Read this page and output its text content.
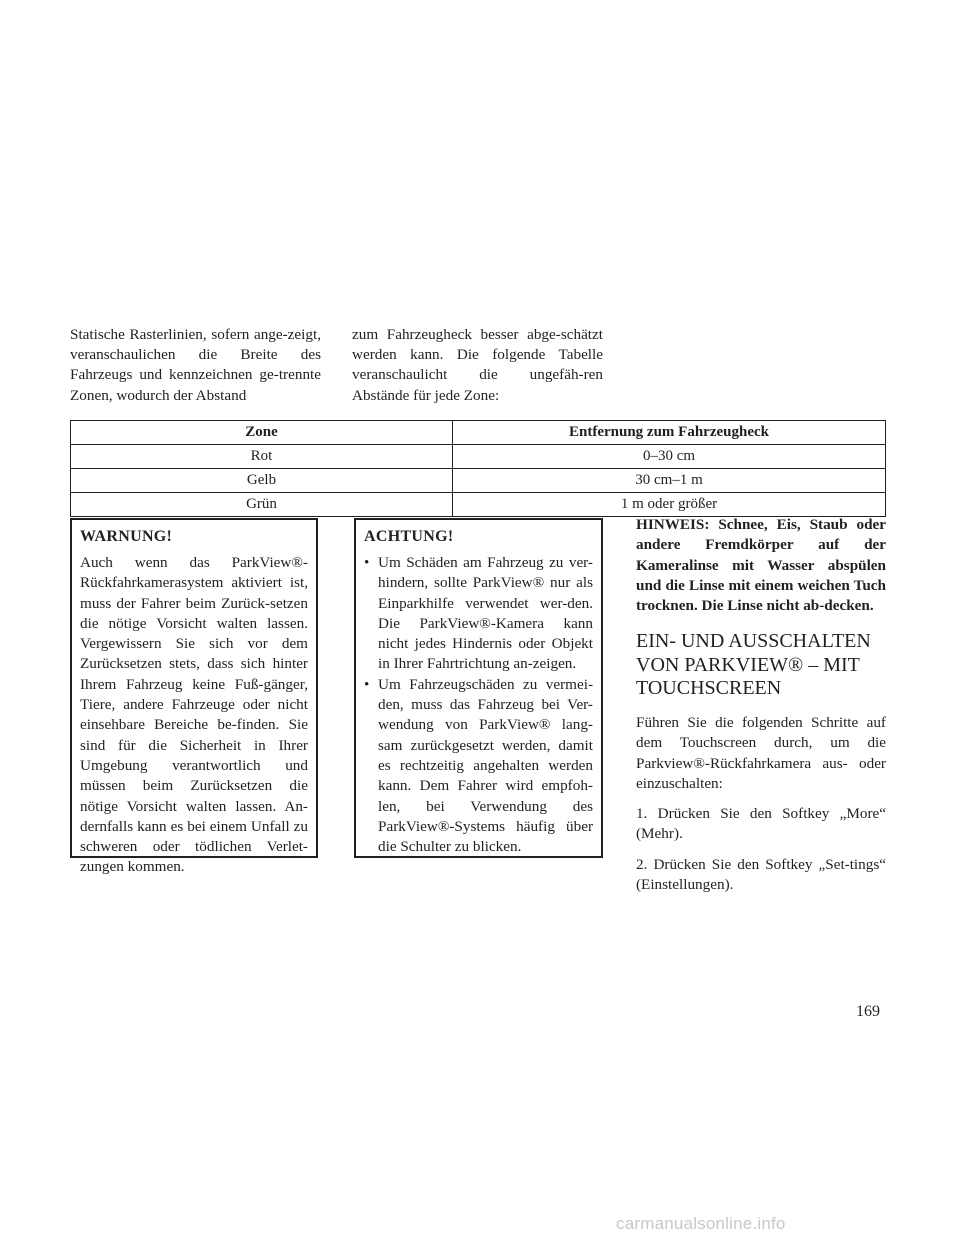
Statische Rasterlinien, sofern ange-zeigt, veranschaulichen die Breite des Fahrzeugs und kennzeichnen ge-trennte Zonen, wodurch der Abstand

zum Fahrzeugheck besser abge-schätzt werden kann. Die folgende Tabelle veranschaulicht die ungefäh-ren Abstände für jede Zone:

Zone	Entfernung zum Fahrzeugheck
Rot	0–30 cm
Gelb	30 cm–1 m
Grün	1 m oder größer
WARNUNG!

Auch wenn das ParkView®-Rückfahrkamerasystem aktiviert ist, muss der Fahrer beim Zurück-setzen die nötige Vorsicht walten lassen. Vergewissern Sie sich vor dem Zurücksetzen stets, dass sich hinter Ihrem Fahrzeug keine Fuß-gänger, Tiere, andere Fahrzeuge oder nicht einsehbare Bereiche be-finden. Sie sind für die Sicherheit in Ihrer Umgebung verantwortlich und müssen beim Zurücksetzen die nötige Vorsicht walten lassen. An-dernfalls kann es bei einem Unfall zu schweren oder tödlichen Verlet-zungen kommen.

ACHTUNG!
• Um Schäden am Fahrzeug zu ver-hindern, sollte ParkView® nur als Einparkhilfe verwendet wer-den. Die ParkView®-Kamera kann nicht jedes Hindernis oder Objekt in Ihrer Fahrtrichtung an-zeigen.
• Um Fahrzeugschäden zu vermei-den, muss das Fahrzeug bei Ver-wendung von ParkView® lang-sam zurückgesetzt werden, damit es rechtzeitig angehalten werden kann. Dem Fahrer wird empfoh-len, bei Verwendung des ParkView®-Systems häufig über die Schulter zu blicken.

HINWEIS: Schnee, Eis, Staub oder andere Fremdkörper auf der Kameralinse mit Wasser abspülen und die Linse mit einem weichen Tuch trocknen. Die Linse nicht ab-decken.

EIN- UND AUSSCHALTEN
VON PARKVIEW® – MIT
TOUCHSCREEN

Führen Sie die folgenden Schritte auf dem Touchscreen durch, um die Parkview®-Rückfahrkamera aus- oder einzuschalten:

1. Drücken Sie den Softkey „More“ (Mehr).

2. Drücken Sie den Softkey „Set-tings“ (Einstellungen).

169
carmanualsonline.info
